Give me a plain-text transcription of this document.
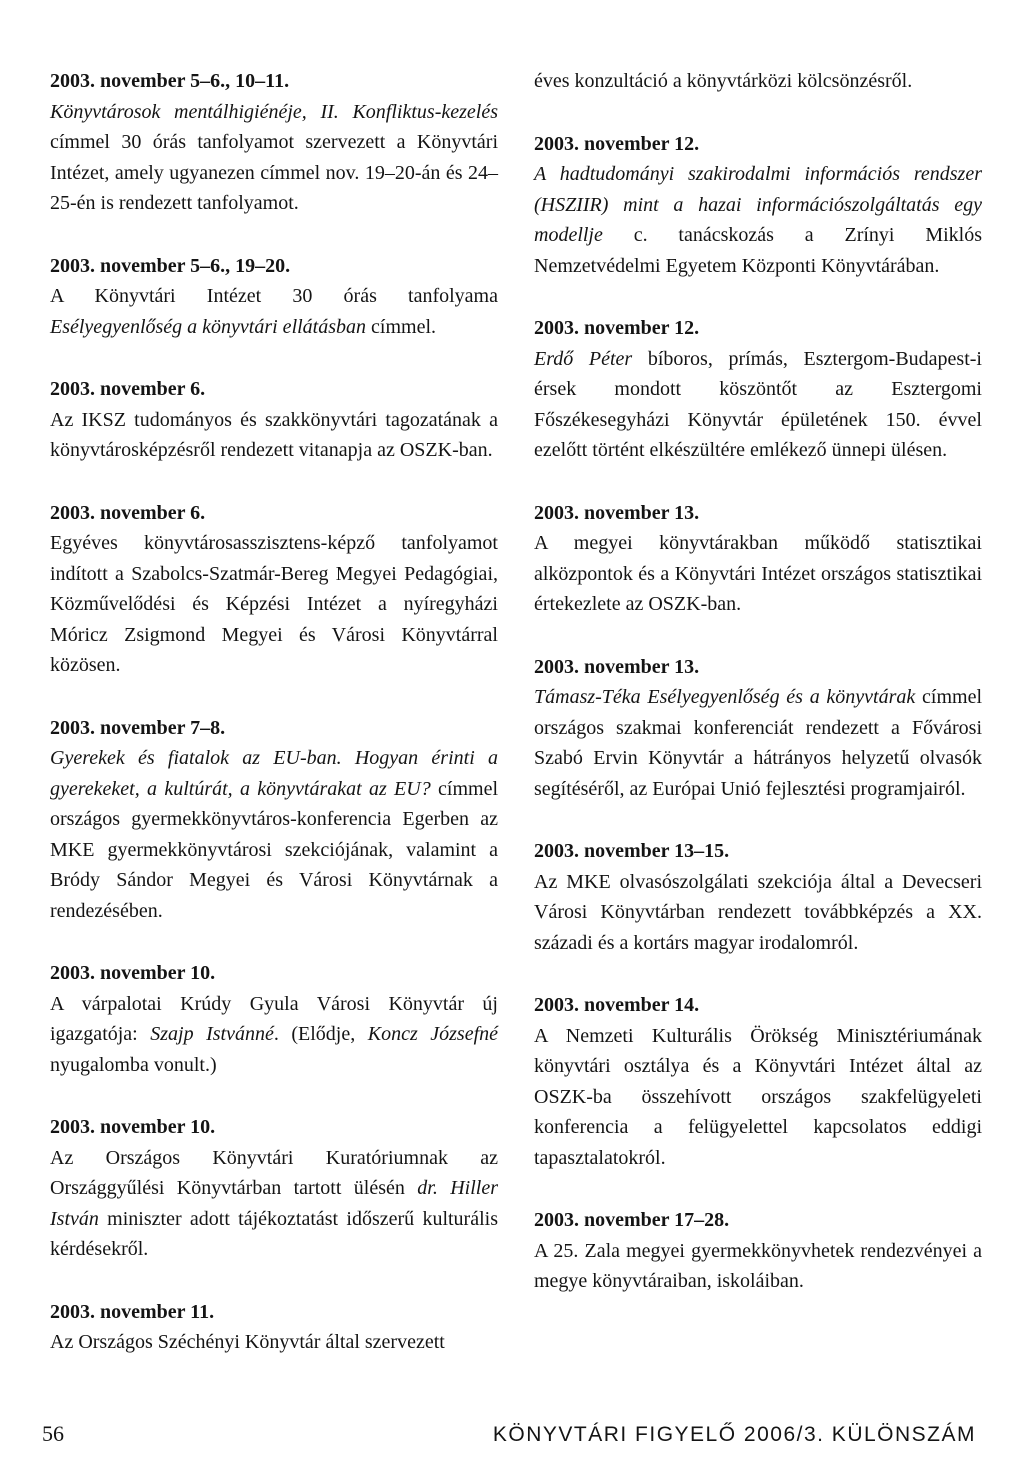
2003. november 5–6., 10–11.
Könyvtárosok mentálhigiénéje, II. Konfliktus-kezelés címmel 30 órás tanfolyamot szervezett a Könyvtári Intézet, amely ugyanezen címmel nov. 19–20-án és 24–25-én is rendezett tanfolyamot.
2003. november 5–6., 19–20.
A Könyvtári Intézet 30 órás tanfolyama Esélyegyenlőség a könyvtári ellátásban címmel.
2003. november 6.
Az IKSZ tudományos és szakkönyvtári tagozatának a könyvtárosképzésről rendezett vitanapja az OSZK-ban.
2003. november 6.
Egyéves könyvtárosasszisztens-képző tanfolyamot indított a Szabolcs-Szatmár-Bereg Megyei Pedagógiai, Közművelődési és Képzési Intézet a nyíregyházi Móricz Zsigmond Megyei és Városi Könyvtárral közösen.
2003. november 7–8.
Gyerekek és fiatalok az EU-ban. Hogyan érinti a gyerekeket, a kultúrát, a könyvtárakat az EU? címmel országos gyermekkönyvtáros-konferencia Egerben az MKE gyermekkönyvtárosi szekciójának, valamint a Bródy Sándor Megyei és Városi Könyvtárnak a rendezésében.
2003. november 10.
A várpalotai Krúdy Gyula Városi Könyvtár új igazgatója: Szajp Istvánné. (Elődje, Koncz Józsefné nyugalomba vonult.)
2003. november 10.
Az Országos Könyvtári Kuratóriumnak az Országgyűlési Könyvtárban tartott ülésén dr. Hiller István miniszter adott tájékoztatást időszerű kulturális kérdésekről.
2003. november 11.
Az Országos Széchényi Könyvtár által szervezett
éves konzultáció a könyvtárközi kölcsönzésről.
2003. november 12.
A hadtudományi szakirodalmi információs rendszer (HSZIIR) mint a hazai információszolgáltatás egy modellje c. tanácskozás a Zrínyi Miklós Nemzetvédelmi Egyetem Központi Könyvtárában.
2003. november 12.
Erdő Péter bíboros, prímás, Esztergom-Budapest-i érsek mondott köszöntőt az Esztergomi Főszékesegyházi Könyvtár épületének 150. évvel ezelőtt történt elkészültére emlékező ünnepi ülésen.
2003. november 13.
A megyei könyvtárakban működő statisztikai alközpontok és a Könyvtári Intézet országos statisztikai értekezlete az OSZK-ban.
2003. november 13.
Támasz-Téka Esélyegyenlőség és a könyvtárak címmel országos szakmai konferenciát rendezett a Fővárosi Szabó Ervin Könyvtár a hátrányos helyzetű olvasók segítéséről, az Európai Unió fejlesztési programjairól.
2003. november 13–15.
Az MKE olvasószolgálati szekciója által a Devecseri Városi Könyvtárban rendezett továbbképzés a XX. századi és a kortárs magyar irodalomról.
2003. november 14.
A Nemzeti Kulturális Örökség Minisztériumának könyvtári osztálya és a Könyvtári Intézet által az OSZK-ba összehívott országos szakfelügyeleti konferencia a felügyelettel kapcsolatos eddigi tapasztalatokról.
2003. november 17–28.
A 25. Zala megyei gyermekkönyvhetek rendezvényei a megye könyvtáraiban, iskoláiban.
56	KÖNYVTÁRI FIGYELŐ 2006/3. KÜLÖNSZÁM
